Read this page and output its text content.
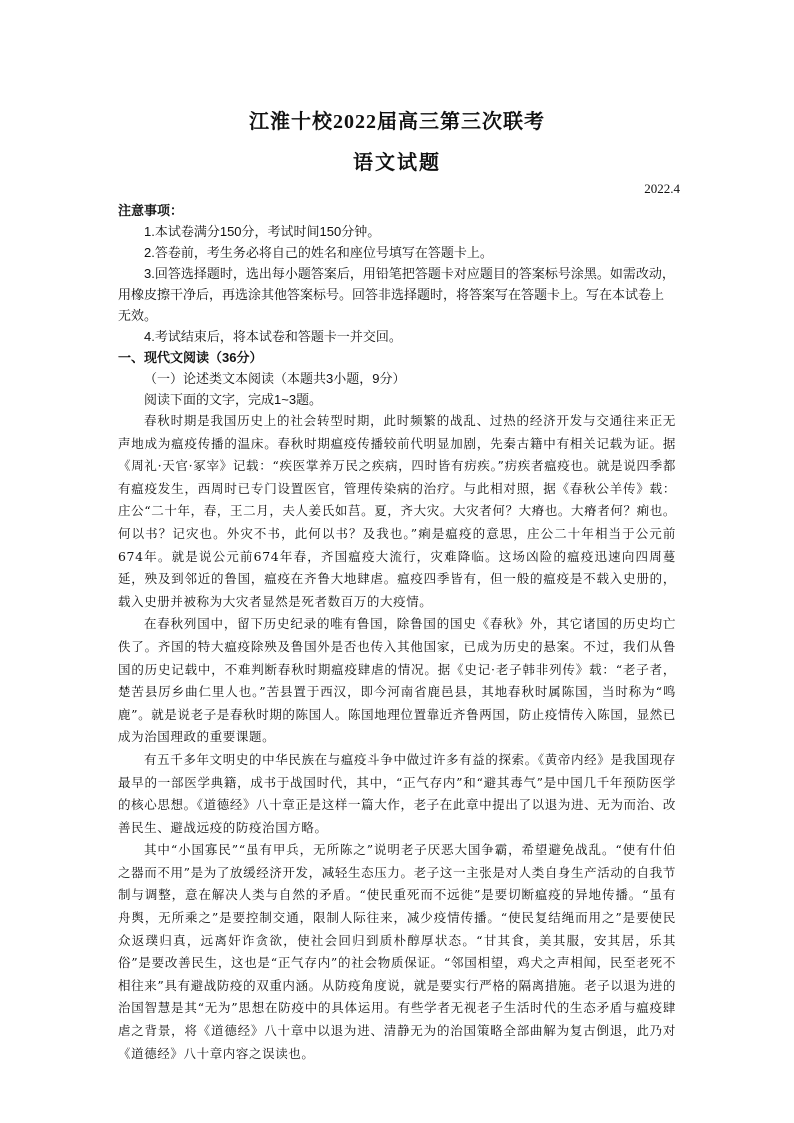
江淮十校2022届高三第三次联考
语文试题
2022.4

注意事项：

1.本试卷满分150分，考试时间150分钟。

2.答卷前，考生务必将自己的姓名和座位号填写在答题卡上。

3.回答选择题时，选出每小题答案后，用铅笔把答题卡对应题目的答案标号涂黑。如需改动，用橡皮擦干净后，再选涂其他答案标号。回答非选择题时，将答案写在答题卡上。写在本试卷上无效。

4.考试结束后，将本试卷和答题卡一并交回。

一、现代文阅读（36分）

（一）论述类文本阅读（本题共3小题，9分）

阅读下面的文字，完成1~3题。

春秋时期是我国历史上的社会转型时期，此时频繁的战乱、过热的经济开发与交通往来正无声地成为瘟疫传播的温床。春秋时期瘟疫传播较前代明显加剧，先秦古籍中有相关记载为证。据《周礼·天官·冢宰》记载：“疾医掌养万民之疾病，四时皆有疠疾。”疠疾者瘟疫也。就是说四季都有瘟疫发生，西周时已专门设置医官，管理传染病的治疗。与此相对照，据《春秋公羊传》载：庄公“二十年，春，王二月，夫人姜氏如莒。夏，齐大灾。大灾者何？大瘠也。大瘠者何？痢也。何以书？记灾也。外灾不书，此何以书？及我也。”痢是瘟疫的意思，庄公二十年相当于公元前674年。就是说公元前674年春，齐国瘟疫大流行，灾难降临。这场凶险的瘟疫迅速向四周蔓延，殃及到邻近的鲁国，瘟疫在齐鲁大地肆虐。瘟疫四季皆有，但一般的瘟疫是不载入史册的，载入史册并被称为大灾者显然是死者数百万的大疫情。

在春秋列国中，留下历史纪录的唯有鲁国，除鲁国的国史《春秋》外，其它诸国的历史均亡佚了。齐国的特大瘟疫除殃及鲁国外是否也传入其他国家，已成为历史的悬案。不过，我们从鲁国的历史记载中，不难判断春秋时期瘟疫肆虐的情况。据《史记·老子韩非列传》载：“老子者，楚苦县厉乡曲仁里人也。”苦县置于西汉，即今河南省鹿邑县，其地春秋时属陈国，当时称为“鸣鹿”。就是说老子是春秋时期的陈国人。陈国地理位置靠近齐鲁两国，防止疫情传入陈国，显然已成为治国理政的重要课题。

有五千多年文明史的中华民族在与瘟疫斗争中做过许多有益的探索。《黄帝内经》是我国现存最早的一部医学典籍，成书于战国时代，其中，“正气存内”和“避其毒气”是中国几千年预防医学的核心思想。《道德经》八十章正是这样一篇大作，老子在此章中提出了以退为进、无为而治、改善民生、避战远疫的防疫治国方略。

其中“小国寡民”“虽有甲兵，无所陈之”说明老子厌恶大国争霸，希望避免战乱。“使有什伯之器而不用”是为了放缓经济开发，减轻生态压力。老子这一主张是对人类自身生产活动的自我节制与调整，意在解决人类与自然的矛盾。“使民重死而不远徙”是要切断瘟疫的异地传播。“虽有舟舆，无所乘之”是要控制交通，限制人际往来，减少疫情传播。“使民复结绳而用之”是要使民众返璞归真，远离奸诈贪欲，使社会回归到质朴醇厚状态。“甘其食，美其服，安其居，乐其俗”是要改善民生，这也是“正气存内”的社会物质保证。“邻国相望，鸡犬之声相闻，民至老死不相往来”具有避战防疫的双重内涵。从防疫角度说，就是要实行严格的隔离措施。老子以退为进的治国智慧是其“无为”思想在防疫中的具体运用。有些学者无视老子生活时代的生态矛盾与瘟疫肆虐之背景，将《道德经》八十章中以退为进、清静无为的治国策略全部曲解为复古倒退，此乃对《道德经》八十章内容之误读也。
